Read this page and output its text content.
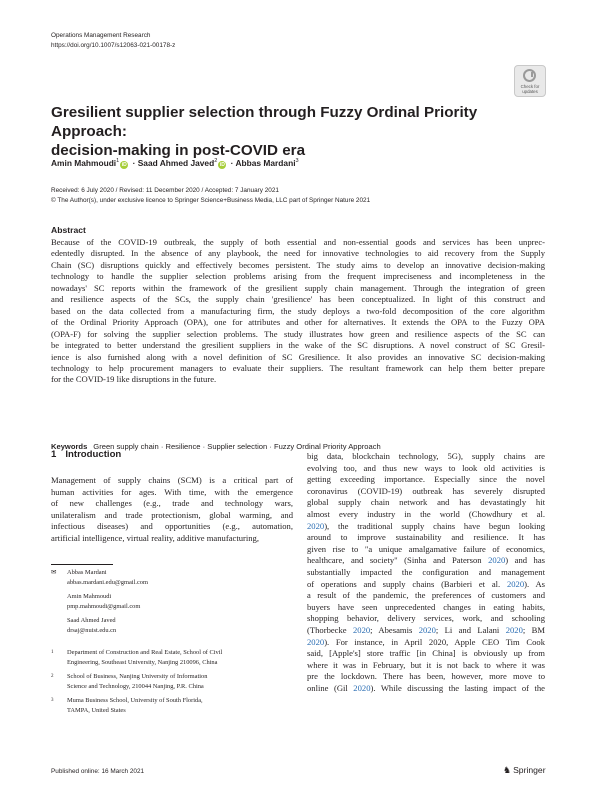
Operations Management Research
https://doi.org/10.1007/s12063-021-00178-z
Check for
updates
Gresilient supplier selection through Fuzzy Ordinal Priority Approach:
decision-making in post-COVID era
Amin Mahmoudi$^1$iD · Saad Ahmed Javed$^2$iD · Abbas Mardani$^3$
Received: 6 July 2020 / Revised: 11 December 2020 / Accepted: 7 January 2021
© The Author(s), under exclusive licence to Springer Science+Business Media, LLC part of Springer Nature 2021
Abstract
Because of the COVID-19 outbreak, the supply of both essential and non-essential goods and services has been unprec-
edentedly disrupted. In the absence of any playbook, the need for innovative technologies to aid recovery from the Supply
Chain (SC) disruptions quickly and effectively becomes persistent. The study aims to develop an innovative decision-making
technology to handle the supplier selection problems arising from the frequent impreciseness and incompleteness in the
nowadays' SC reports within the framework of the gresilient supply chain management. Through the integration of green
and resilience aspects of the SCs, the supply chain 'gresilience' has been conceptualized. In light of this construct and
based on the data collected from a manufacturing firm, the study deploys a two-fold decomposition of the core algorithm
of the Ordinal Priority Approach (OPA), one for attributes and other for alternatives. It extends the OPA to the Fuzzy OPA
(OPA-F) for solving the supplier selection problems. The study illustrates how green and resilience aspects of the SC can
be integrated to better understand the gresilient suppliers in the wake of the SC disruptions. A novel construct of SC Gresil-
ience is also furnished along with a novel definition of SC Gresilience. It also provides an innovative SC decision-making
technology to help procurement managers to evaluate their suppliers. The resultant framework can help them better prepare
for the COVID-19 like disruptions in the future.
Keywords Green supply chain · Resilience · Supplier selection · Fuzzy Ordinal Priority Approach
1 Introduction
Management of supply chains (SCM) is a critical part of
human activities for ages. With time, with the emergence
of new challenges (e.g., trade and technology wars,
unilateralism and trade protectionism, global warming, and
infectious diseases) and opportunities (e.g., automation,
artificial intelligence, virtual reality, additive manufacturing,
big data, blockchain technology, 5G), supply chains are
evolving too, and thus new ways to look old activities is
getting exceeding importance. Especially since the novel
coronavirus (COVID-19) outbreak has severely disrupted
global supply chain network and has devastatingly hit
almost every industry in the world (Chowdhury et al.
2020), the traditional supply chains have begun looking
around to improve sustainability and resilience. It has
given rise to "a unique amalgamative failure of economics,
healthcare, and society" (Sinha and Paterson 2020) and has
substantially impacted the configuration and management
of operations and supply chains (Barbieri et al. 2020). As
a result of the pandemic, the preferences of customers and
buyers have seen unprecedented changes in eating habits,
shopping behavior, delivery services, work, and schooling
(Thorbecke 2020; Abesamis 2020; Li and Lalani 2020; BM
2020). For instance, in April 2020, Apple CEO Tim Cook
said, [Apple's] store traffic [in China] is obviously up from
where it was in February, but it is not back to where it was
pre the lockdown. There has been, however, more move to
online (Gil 2020). While discussing the lasting impact of the
✉	Abbas Mardani
abbas.mardani.edu@gmail.com
Amin Mahmoudi
pmp.mahmoudi@gmail.com
Saad Ahmed Javed
drsaj@nuist.edu.cn
1 Department of Construction and Real Estate, School of Civil
Engineering, Southeast University, Nanjing 210096, China
2 School of Business, Nanjing University of Information
Science and Technology, 210044 Nanjing, P.R. China
3 Muma Business School, University of South Florida,
TAMPA, United States
Published online: 16 March 2021	♞ Springer
